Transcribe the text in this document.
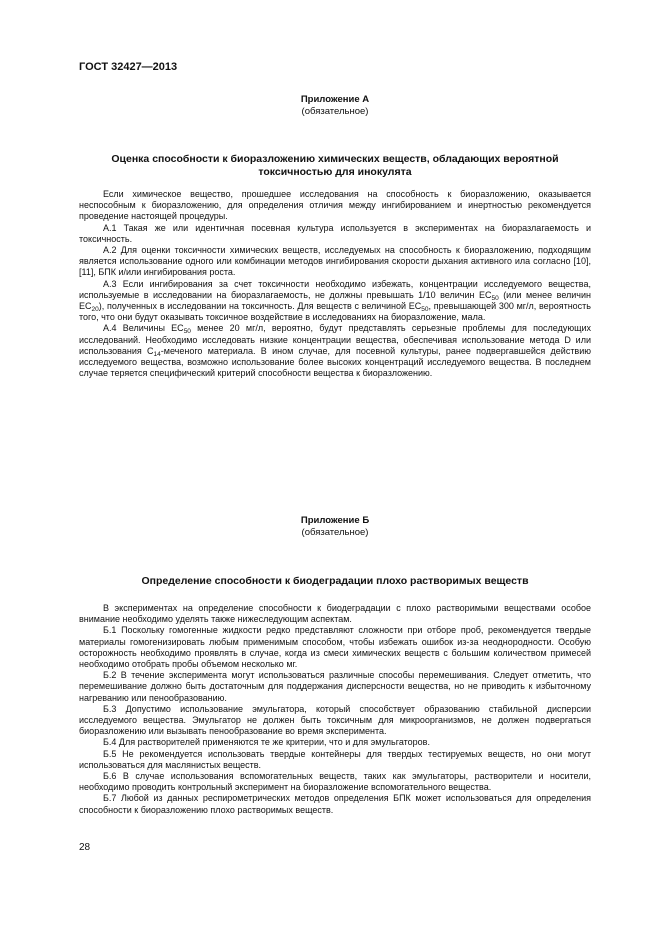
ГОСТ 32427—2013
Приложение А
(обязательное)
Оценка способности к биоразложению химических веществ, обладающих вероятной
токсичностью для инокулята

Если химическое вещество, прошедшее исследования на способность к биоразложению, оказывается неспособным к биоразложению, для определения отличия между ингибированием и инертностью рекомендуется проведение настоящей процедуры.

А.1 Такая же или идентичная посевная культура используется в экспериментах на биоразлагаемость и токсичность.

А.2 Для оценки токсичности химических веществ, исследуемых на способность к биоразложению, подходящим является использование одного или комбинации методов ингибирования скорости дыхания активного ила согласно [10], [11], БПК и/или ингибирования роста.

А.3 Если ингибирования за счет токсичности необходимо избежать, концентрации исследуемого вещества, используемые в исследовании на биоразлагаемость, не должны превышать 1/10 величин $EC_{50}$ (или менее величин $EC_{20}$), полученных в исследовании на токсичность. Для веществ с величиной $EC_{50}$, превышающей 300 мг/л, вероятность того, что они будут оказывать токсичное воздействие в исследованиях на биоразложение, мала.

А.4 Величины $EC_{50}$ менее 20 мг/л, вероятно, будут представлять серьезные проблемы для последующих исследований. Необходимо исследовать низкие концентрации вещества, обеспечивая использование метода D или использования $C_{14}$-меченого материала. В ином случае, для посевной культуры, ранее подвергавшейся действию исследуемого вещества, возможно использование более высоких концентраций исследуемого вещества. В последнем случае теряется специфический критерий способности вещества к биоразложению.

Приложение Б
(обязательное)
Определение способности к биодеградации плохо растворимых веществ

В экспериментах на определение способности к биодеградации с плохо растворимыми веществами особое внимание необходимо уделять также нижеследующим аспектам.

Б.1 Поскольку гомогенные жидкости редко представляют сложности при отборе проб, рекомендуется твердые материалы гомогенизировать любым применимым способом, чтобы избежать ошибок из-за неоднородности. Особую осторожность необходимо проявлять в случае, когда из смеси химических веществ с большим количеством примесей необходимо отобрать пробы объемом несколько мг.

Б.2 В течение эксперимента могут использоваться различные способы перемешивания. Следует отметить, что перемешивание должно быть достаточным для поддержания дисперсности вещества, но не приводить к избыточному нагреванию или пенообразованию.

Б.3 Допустимо использование эмульгатора, который способствует образованию стабильной дисперсии исследуемого вещества. Эмульгатор не должен быть токсичным для микроорганизмов, не должен подвергаться биоразложению или вызывать пенообразование во время эксперимента.

Б.4 Для растворителей применяются те же критерии, что и для эмульгаторов.

Б.5 Не рекомендуется использовать твердые контейнеры для твердых тестируемых веществ, но они могут использоваться для маслянистых веществ.

Б.6 В случае использования вспомогательных веществ, таких как эмульгаторы, растворители и носители, необходимо проводить контрольный эксперимент на биоразложение вспомогательного вещества.

Б.7 Любой из данных респирометрических методов определения БПК может использоваться для определения способности к биоразложению плохо растворимых веществ.

28
